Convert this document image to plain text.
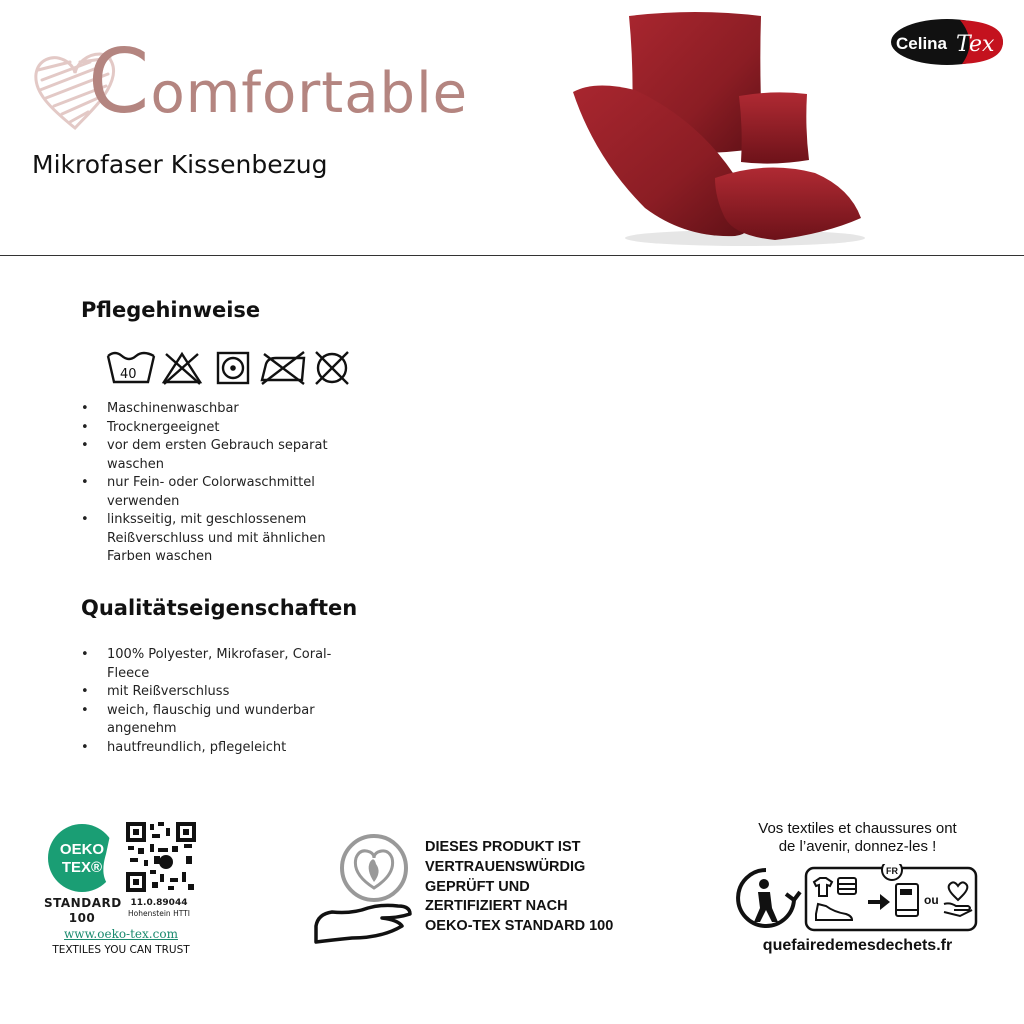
Comfortable
Mikrofaser Kissenbezug
Celina Tex
Pflegehinweise
40
• Maschinenwaschbar
• Trocknergeeignet
• vor dem ersten Gebrauch separat waschen
• nur Fein- oder Colorwaschmittel verwenden
• linksseitig, mit geschlossenem Reißverschluss und mit ähnlichen Farben waschen
Qualitätseigenschaften
• 100% Polyester, Mikrofaser, Coral-Fleece
• mit Reißverschluss
• weich, flauschig und wunderbar angenehm
• hautfreundlich, pflegeleicht
OEKO
TEX®
STANDARD 100
11.0.89044
Hohenstein HTTI
www.oeko-tex.com
TEXTILES YOU CAN TRUST
DIESES PRODUKT IST
VERTRAUENSWÜRDIG
GEPRÜFT UND
ZERTIFIZIERT NACH
OEKO-TEX STANDARD 100
Vos textiles et chaussures ont
de l’avenir, donnez-les !
FR
ou
quefairedemesdechets.fr
